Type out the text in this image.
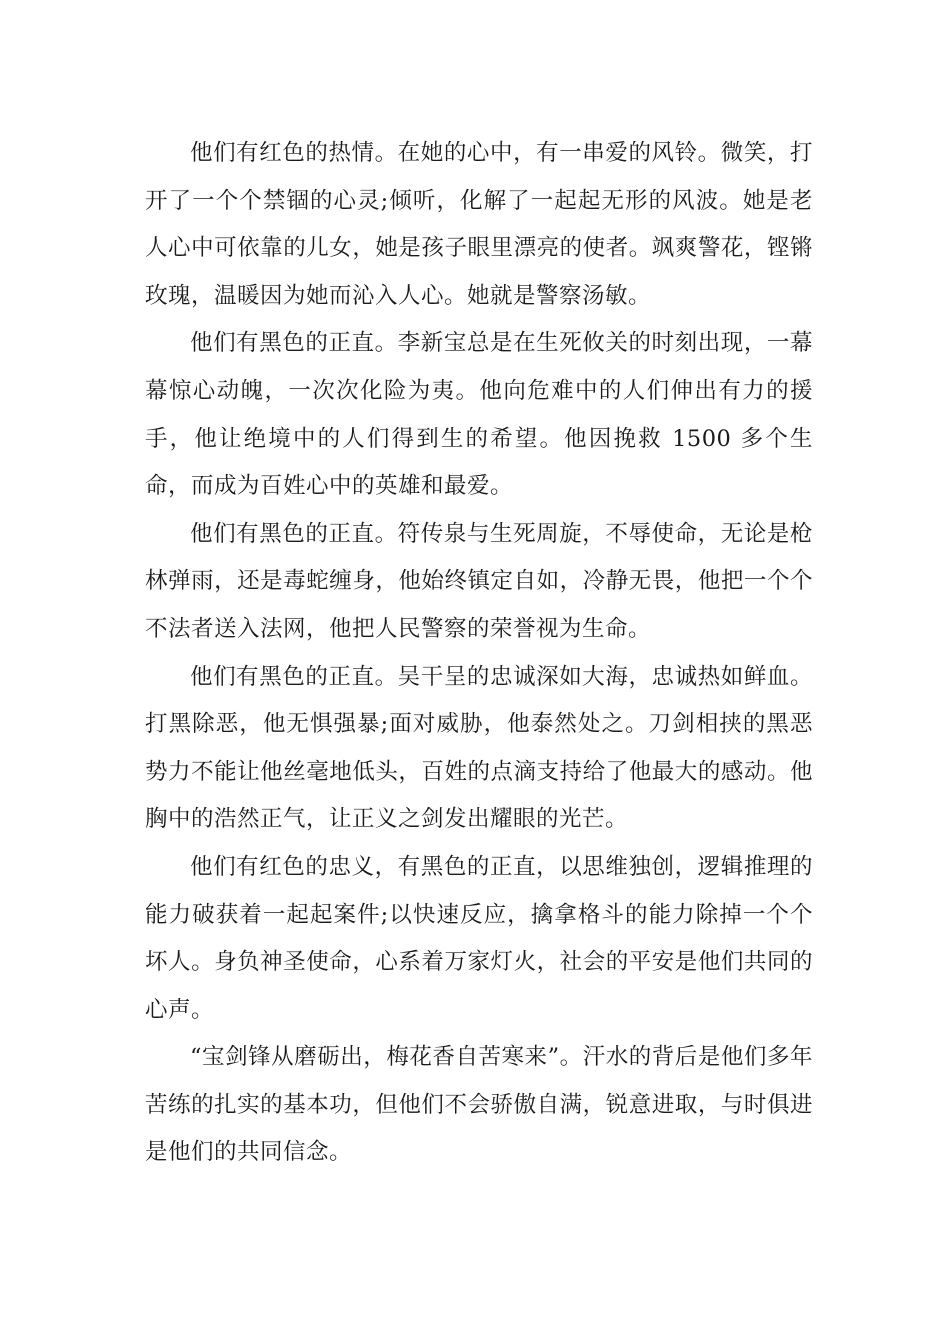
他们有红色的热情。在她的心中，有一串爱的风铃。微笑，打开了一个个禁锢的心灵;倾听，化解了一起起无形的风波。她是老人心中可依靠的儿女，她是孩子眼里漂亮的使者。飒爽警花，铿锵玫瑰，温暖因为她而沁入人心。她就是警察汤敏。

他们有黑色的正直。李新宝总是在生死攸关的时刻出现，一幕幕惊心动魄，一次次化险为夷。他向危难中的人们伸出有力的援手，他让绝境中的人们得到生的希望。他因挽救 1500 多个生命，而成为百姓心中的英雄和最爱。

他们有黑色的正直。符传泉与生死周旋，不辱使命，无论是枪林弹雨，还是毒蛇缠身，他始终镇定自如，冷静无畏，他把一个个不法者送入法网，他把人民警察的荣誉视为生命。

他们有黑色的正直。吴干呈的忠诚深如大海，忠诚热如鲜血。打黑除恶，他无惧强暴;面对威胁，他泰然处之。刀剑相挟的黑恶势力不能让他丝毫地低头，百姓的点滴支持给了他最大的感动。他胸中的浩然正气，让正义之剑发出耀眼的光芒。

他们有红色的忠义，有黑色的正直，以思维独创，逻辑推理的能力破获着一起起案件;以快速反应，擒拿格斗的能力除掉一个个坏人。身负神圣使命，心系着万家灯火，社会的平安是他们共同的心声。

“宝剑锋从磨砺出，梅花香自苦寒来”。汗水的背后是他们多年苦练的扎实的基本功，但他们不会骄傲自满，锐意进取，与时俱进是他们的共同信念。
